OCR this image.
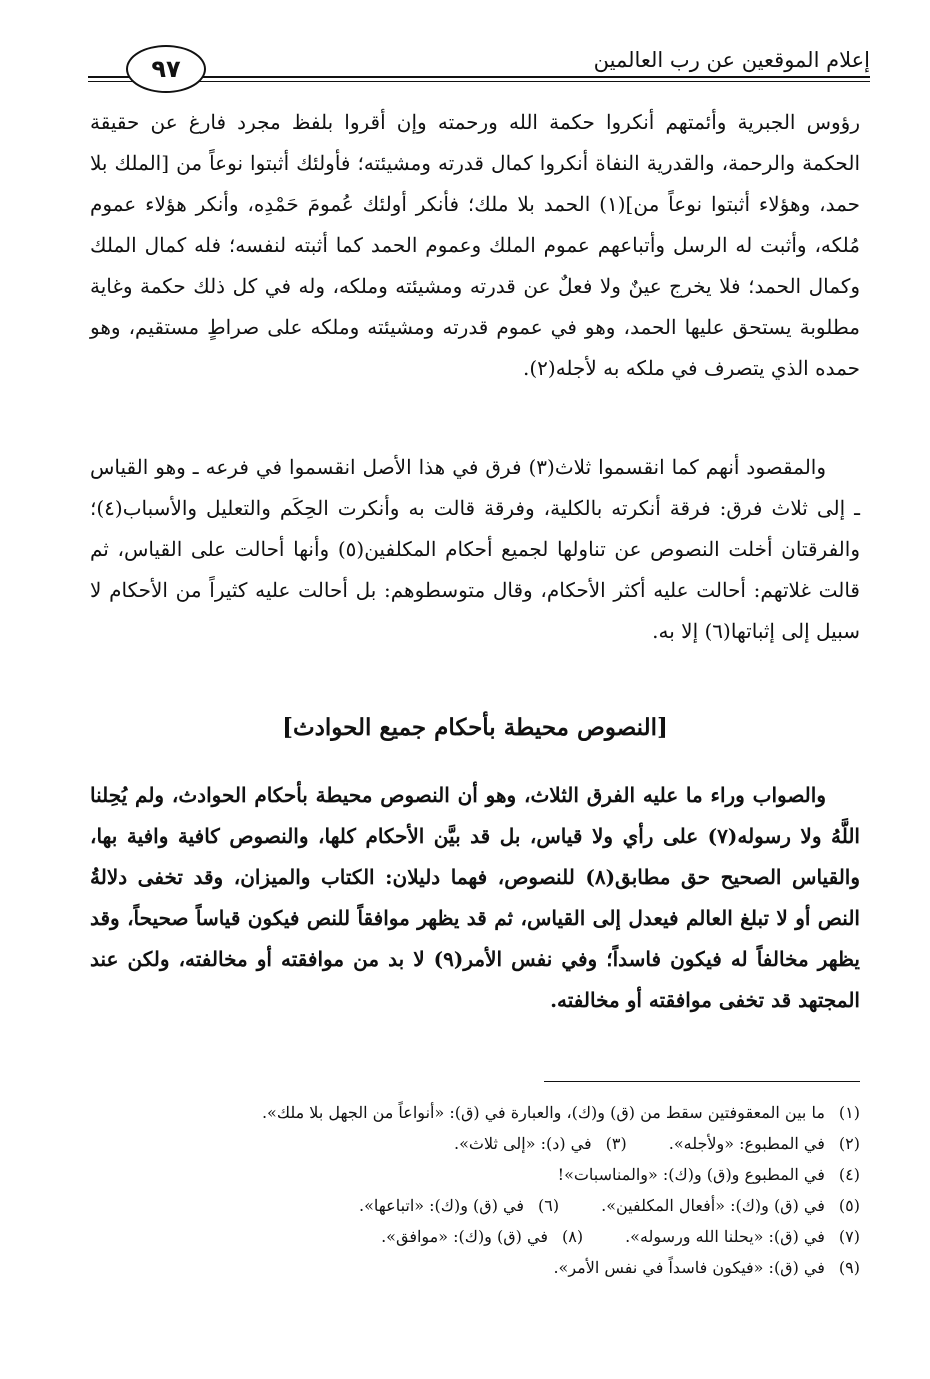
إعلام الموقعين عن رب العالمين
٩٧

رؤوس الجبرية وأئمتهم أنكروا حكمة الله ورحمته وإن أقروا بلفظ مجرد فارغ عن حقيقة الحكمة والرحمة، والقدرية النفاة أنكروا كمال قدرته ومشيئته؛ فأولئك أثبتوا نوعاً من [الملك بلا حمد، وهؤلاء أثبتوا نوعاً من](١) الحمد بلا ملك؛ فأنكر أولئك عُمومَ حَمْدِه، وأنكر هؤلاء عموم مُلكه، وأثبت له الرسل وأتباعهم عموم الملك وعموم الحمد كما أثبته لنفسه؛ فله كمال الملك وكمال الحمد؛ فلا يخرج عينٌ ولا فعلٌ عن قدرته ومشيئته وملكه، وله في كل ذلك حكمة وغاية مطلوبة يستحق عليها الحمد، وهو في عموم قدرته ومشيئته وملكه على صراطٍ مستقيم، وهو حمده الذي يتصرف في ملكه به لأجله(٢).

والمقصود أنهم كما انقسموا ثلاث(٣) فرق في هذا الأصل انقسموا في فرعه ـ وهو القياس ـ إلى ثلاث فرق: فرقة أنكرته بالكلية، وفرقة قالت به وأنكرت الحِكَم والتعليل والأسباب(٤)؛ والفرقتان أخلت النصوص عن تناولها لجميع أحكام المكلفين(٥) وأنها أحالت على القياس، ثم قالت غلاتهم: أحالت عليه أكثر الأحكام، وقال متوسطوهم: بل أحالت عليه كثيراً من الأحكام لا سبيل إلى إثباتها(٦) إلا به.

[النصوص محيطة بأحكام جميع الحوادث]

والصواب وراء ما عليه الفرق الثلاث، وهو أن النصوص محيطة بأحكام الحوادث، ولم يُحِلنا اللَّهُ ولا رسوله(٧) على رأي ولا قياس، بل قد بيَّن الأحكام كلها، والنصوص كافية وافية بها، والقياس الصحيح حق مطابق(٨) للنصوص، فهما دليلان: الكتاب والميزان، وقد تخفى دلالةُ النص أو لا تبلغ العالم فيعدل إلى القياس، ثم قد يظهر موافقاً للنص فيكون قياساً صحيحاً، وقد يظهر مخالفاً له فيكون فاسداً؛ وفي نفس الأمر(٩) لا بد من موافقته أو مخالفته، ولكن عند المجتهد قد تخفى موافقته أو مخالفته.

(١) ما بين المعقوفتين سقط من (ق) و(ك)، والعبارة في (ق): «أنواعاً من الجهل بلا ملك».
(٢) في المطبوع: «ولأجله».
(٣) في (د): «إلى ثلاث».
(٤) في المطبوع و(ق) و(ك): «والمناسبات»!
(٥) في (ق) و(ك): «أفعال المكلفين».
(٦) في (ق) و(ك): «اتباعها».
(٧) في (ق): «يحلنا الله ورسوله».
(٨) في (ق) و(ك): «موافق».
(٩) في (ق): «فيكون فاسداً في نفس الأمر».
